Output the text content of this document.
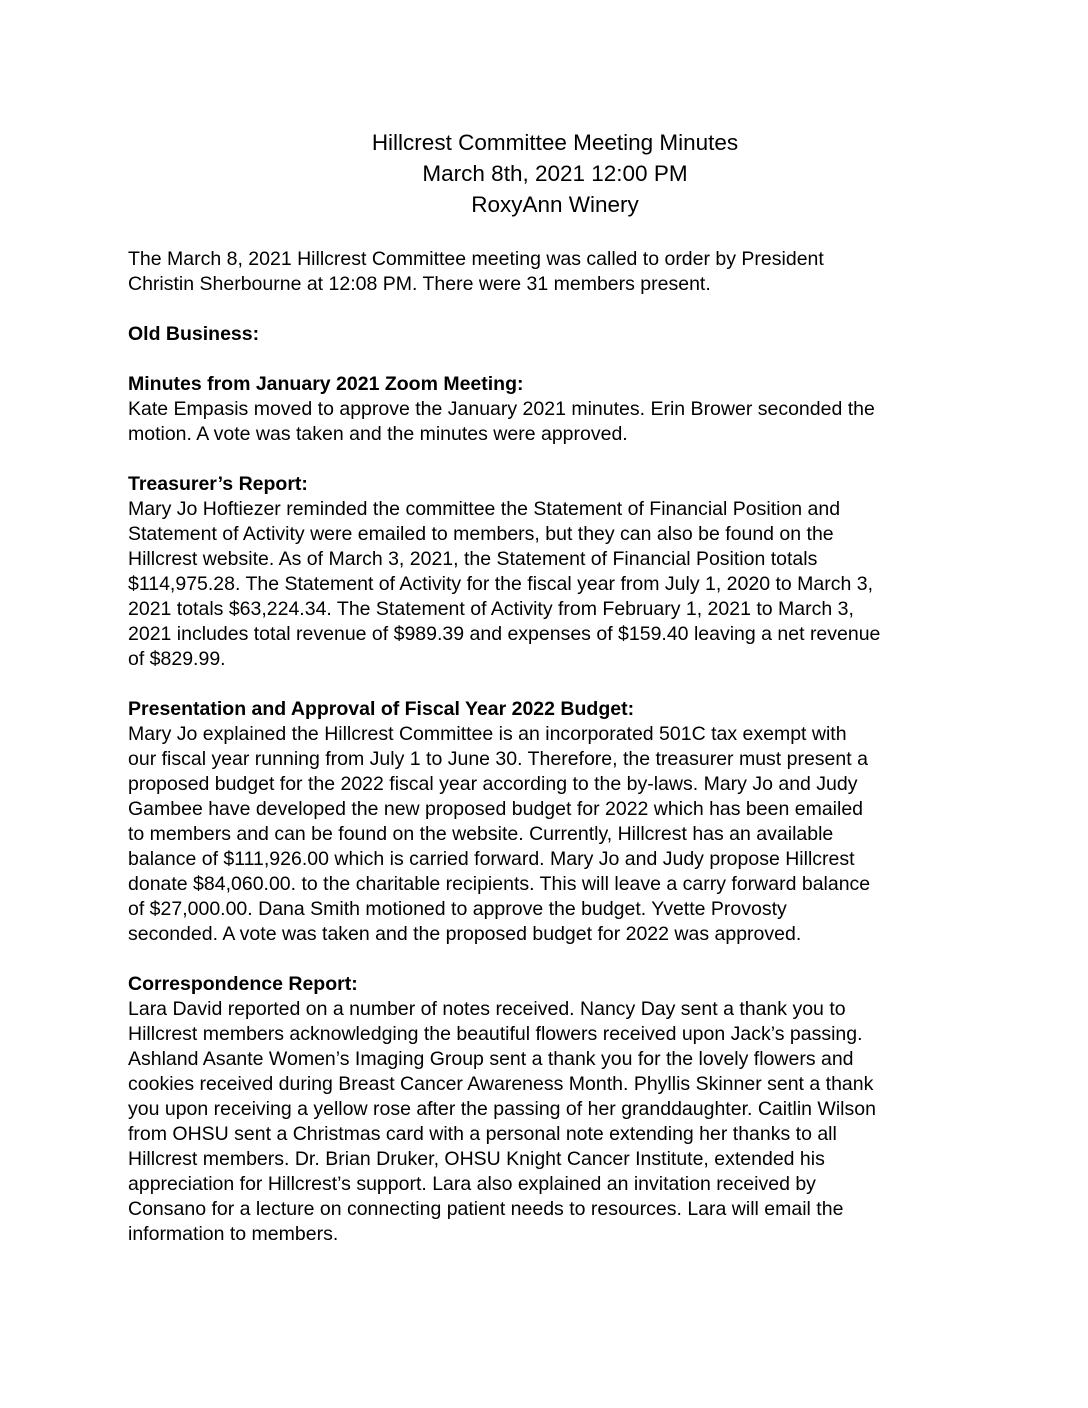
Hillcrest Committee Meeting Minutes
March 8th, 2021 12:00 PM
RoxyAnn Winery

The March 8, 2021 Hillcrest Committee meeting was called to order by President
Christin Sherbourne at 12:08 PM. There were 31 members present.

Old Business:

Minutes from January 2021 Zoom Meeting:

Kate Empasis moved to approve the January 2021 minutes. Erin Brower seconded the
motion. A vote was taken and the minutes were approved.

Treasurer’s Report:

Mary Jo Hoftiezer reminded the committee the Statement of Financial Position and
Statement of Activity were emailed to members, but they can also be found on the
Hillcrest website. As of March 3, 2021, the Statement of Financial Position totals
$114,975.28. The Statement of Activity for the fiscal year from July 1, 2020 to March 3,
2021 totals $63,224.34. The Statement of Activity from February 1, 2021 to March 3,
2021 includes total revenue of $989.39 and expenses of $159.40 leaving a net revenue
of $829.99.

Presentation and Approval of Fiscal Year 2022 Budget:

Mary Jo explained the Hillcrest Committee is an incorporated 501C tax exempt with
our fiscal year running from July 1 to June 30. Therefore, the treasurer must present a
proposed budget for the 2022 fiscal year according to the by-laws. Mary Jo and Judy
Gambee have developed the new proposed budget for 2022 which has been emailed
to members and can be found on the website. Currently, Hillcrest has an available
balance of $111,926.00 which is carried forward. Mary Jo and Judy propose Hillcrest
donate $84,060.00. to the charitable recipients. This will leave a carry forward balance
of $27,000.00. Dana Smith motioned to approve the budget. Yvette Provosty
seconded. A vote was taken and the proposed budget for 2022 was approved.

Correspondence Report:

Lara David reported on a number of notes received. Nancy Day sent a thank you to
Hillcrest members acknowledging the beautiful flowers received upon Jack’s passing.
Ashland Asante Women’s Imaging Group sent a thank you for the lovely flowers and
cookies received during Breast Cancer Awareness Month. Phyllis Skinner sent a thank
you upon receiving a yellow rose after the passing of her granddaughter. Caitlin Wilson
from OHSU sent a Christmas card with a personal note extending her thanks to all
Hillcrest members. Dr. Brian Druker, OHSU Knight Cancer Institute, extended his
appreciation for Hillcrest’s support. Lara also explained an invitation received by
Consano for a lecture on connecting patient needs to resources. Lara will email the
information to members.
